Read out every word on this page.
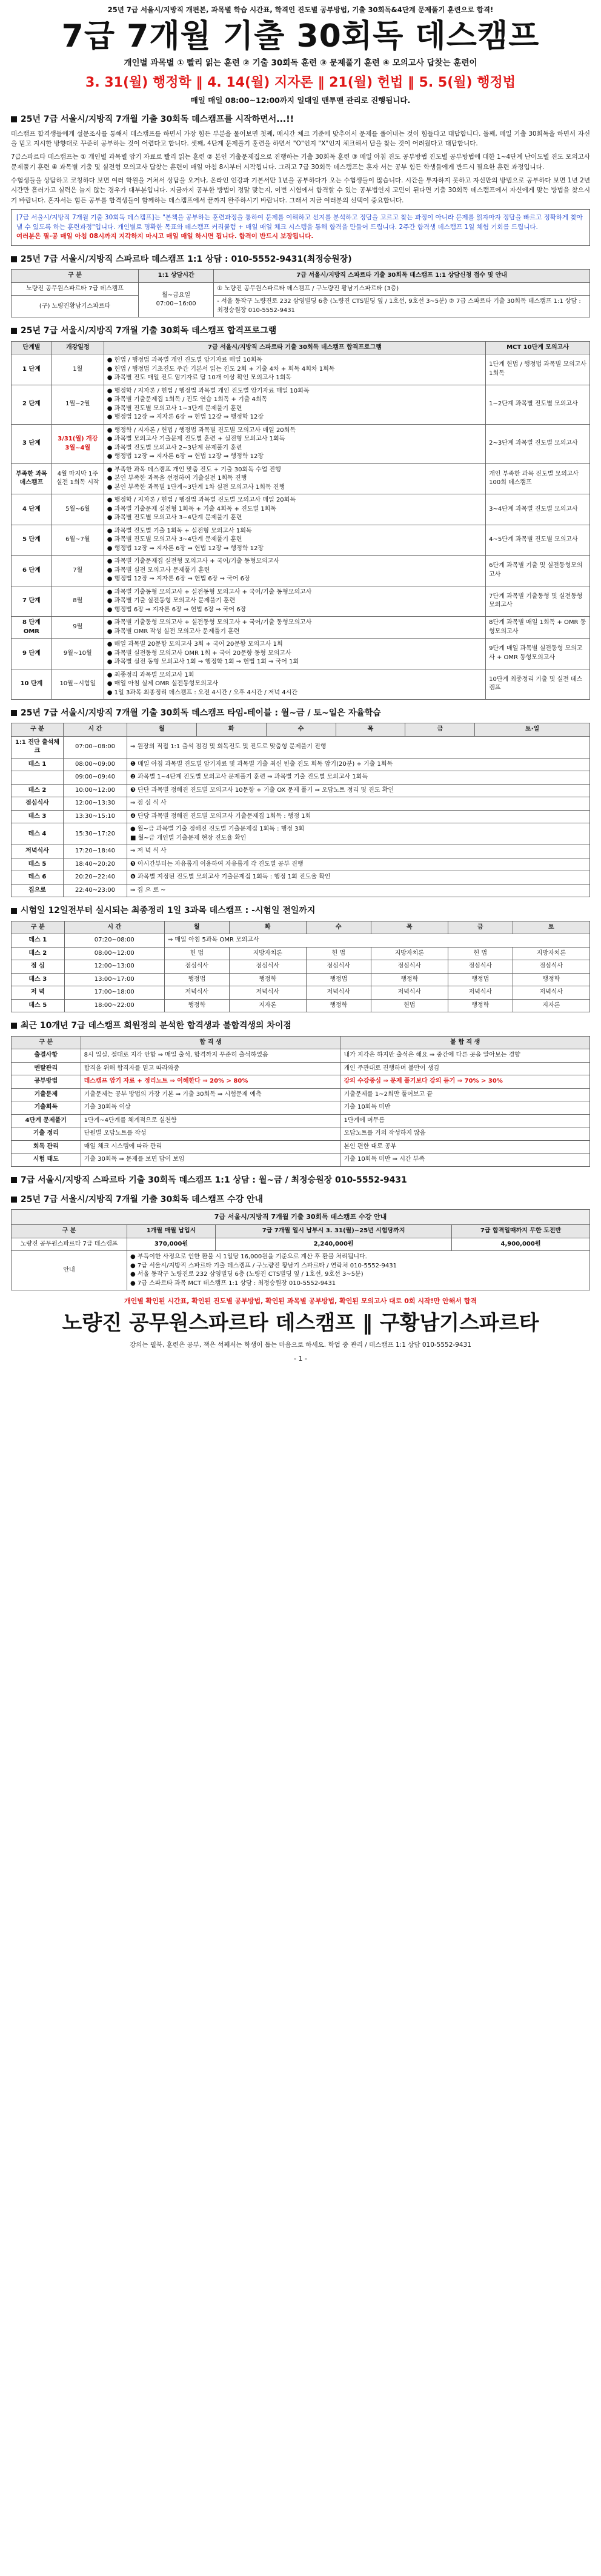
25년 7급 서울시/지방직 개편본, 과목별 학습 시간표, 학격인 진도별 공부방법, 기출 30회독&4단계 문제풀기 훈련으로 합격!
7급 7개월 기출 30회독 데스캠프
개인별 과목별 ① 빨리 읽는 훈련 ② 기출 30회독 훈련 ③ 문제풀기 훈련 ④ 모의고사 답찾는 훈련이
3. 31(월) 행정학 ‖ 4. 14(월) 지자론 ‖ 21(월) 헌법 ‖ 5. 5(월) 행정법
매일 매일 08:00~12:00까지 일대일 맨투맨 관리로 진행됩니다.
25년 7급 서울시/지방직 7개월 기출 30회독 데스캠프를 시작하면서...!!

데스캠프 합격생들에게 설문조사를 통해서 데스캠프를 하면서 가장 힘든 부분을 물어보면 첫째, 매시간 체크 기준에 맞추어서 문제를 풀어내는 것이 힘들다고 대답합니다. 둘째, 매일 기출 30회독을 하면서 자신을 믿고 지시한 방향대로 꾸준히 공부하는 것이 어렵다고 합니다. 셋째, 4단계 문제풀기 훈련을 하면서 "O"인지 "X"인지 체크해서 답을 찾는 것이 어려웠다고 대답합니다.

7급스파르타 데스캠프는 ① 개인별 과목별 암기 자료로 빨리 읽는 훈련 ② 본인 기출문제집으로 진행하는 기출 30회독 훈련 ③ 매일 아침 진도 공부방법 진도별 공부방법에 대한 1~4단계 난이도별 진도 모의고사 문제풀기 훈련 ④ 과목별 기출 및 실전형 모의고사 답찾는 훈련이 매일 아침 8시부터 시작됩니다. 그리고 7급 30회독 데스캠프는 혼자 서는 공부 힘든 학생들에게 반드시 필요한 훈련 과정입니다.

수험생들을 상담하고 코칭하다 보면 여러 학원을 거쳐서 상담을 오거나, 온라인 인강과 기본서만 1년을 공부하다가 오는 수험생들이 많습니다. 시간을 투자하지 못하고 자신만의 방법으로 공부하다 보면 1년 2년 시간만 흘러가고 실력은 늘지 않는 경우가 대부분입니다. 지금까지 공부한 방법이 정말 맞는지, 이번 시험에서 합격할 수 있는 공부법인지 고민이 된다면 기출 30회독 데스캠프에서 자신에게 맞는 방법을 찾으시기 바랍니다. 혼자서는 힘든 공부를 합격생들이 함께하는 데스캠프에서 끝까지 완주하시기 바랍니다. 그래서 지금 여러분의 선택이 중요합니다.

[7급 서울시/지방직 7개월 기출 30회독 데스캠프]는 "본책을 공부하는 훈련과정을 통하여 문제를 이해하고 선지를 분석하고 정답을 고르고 찾는 과정이 아니라 문제를 읽자마자 정답을 빠르고 정확하게 찾아낼 수 있도록 하는 훈련과정"입니다. 개인별로 명확한 목표와 데스캠프 커리큘럼 + 매일 매일 체크 시스템을 통해 합격을 만들어 드립니다. 2주간 합격생 데스캠프 1일 체험 기회를 드립니다.
여러분은 필-공 매일 아침 08시까지 지각하지 마시고 매일 매일 하시면 됩니다. 합격이 반드시 보장됩니다.
25년 7급 서울시/지방직 스파르타 데스캠프 1:1 상담 : 010-5552-9431(최정승원장)
구 분	1:1 상담시간	7급 서울시/지방직 스파르타 기출 30회독 데스캠프 1:1 상담신청 접수 및 안내
노량진 공무원스파르타 7급 데스캠프	월~금요일 07:00~16:00	① 노량진 공무원스파르타 데스캠프 / 구노량진 황남기스파르타 (3층)
(구) 노량진황남기스파르타		- 서울 동작구 노량진로 232 삼영빌딩 6층 (노량진 CTS빌딩 옆 / 1호선, 9호선 3~5분) ② 7급 스파르타 기출 30회독 데스캠프 1:1 상담 : 최정승원장 010-5552-9431
25년 7급 서울시/지방직 7개월 기출 30회독 데스캠프 합격프로그램
단계별	개강일정	7급 서울시/지방직 스파르타 기출 30회독 데스캠프 합격프로그램	MCT 10단계 모의고사
1 단계	1월	● 헌법 / 행정법 과목별 개인 진도별 암기자료 매일 10회독
● 헌법 / 행정법 기초진도 주간 기본서 읽는 진도 2회 + 기출 4차 + 회독 4회차 1회독
● 과목별 진도 매일 진도 암기자료 답 10개 이상 확인 모의고사 1회독	1단계 헌법 / 행정법 과목별 모의고사 1회독
2 단계	1월~2월	● 행정학 / 지자론 / 헌법 / 행정법 과목별 개인 진도별 암기자료 매일 10회독
● 과목별 기출문제집 1회독 / 진도 연습 1회독 + 기출 4회독
● 과목별 진도별 모의고사 1~3단계 문제풀기 훈련
● 행정법 12장 ⇒ 지자론 6장 ⇒ 헌법 12장 ⇒ 행정학 12장	1~2단계 과목별 진도별 모의고사
3 단계	3/31(월) 개강 3월~4월	● 행정학 / 지자론 / 헌법 / 행정법 과목별 진도별 모의고사 매일 20회독
● 과목별 모의고사 기출문제 진도별 훈련 + 실전형 모의고사 1회독
● 과목별 진도별 모의고사 2~3단계 문제풀기 훈련
● 행정법 12장 ⇒ 지자론 6장 ⇒ 헌법 12장 ⇒ 행정학 12장	2~3단계 과목별 진도별 모의고사
부족한 과목 데스캠프	4월 마지막 1주 실전 1회독 시작	● 부족한 과목 데스캠프 개인 맞춤 진도 + 기출 30회독 수업 진행
● 본인 부족한 과목을 선정하여 기출실전 1회독 진행
● 본인 부족한 과목별 1단계~3단계 1차 실전 모의고사 1회독 진행	개인 부족한 과목 진도별 모의고사 100회 데스캠프
4 단계	5월~6월	● 행정학 / 지자론 / 헌법 / 행정법 과목별 진도별 모의고사 매일 20회독
● 과목별 기출문제 실전형 1회독 + 기출 4회독 + 진도별 1회독
● 과목별 진도별 모의고사 3~4단계 문제풀기 훈련	3~4단계 과목별 진도별 모의고사
5 단계	6월~7월	● 과목별 진도별 기출 1회독 + 실전형 모의고사 1회독
● 과목별 진도별 모의고사 3~4단계 문제풀기 훈련
● 행정법 12장 ⇒ 지자론 6장 ⇒ 헌법 12장 ⇒ 행정학 12장	4~5단계 과목별 진도별 모의고사
6 단계	7월	● 과목별 기출문제집 실전형 모의고사 + 국어/기출 동형모의고사
● 과목별 실전 모의고사 문제풀기 훈련
● 행정법 12장 ⇒ 지자론 6장 ⇒ 헌법 6장 ⇒ 국어 6장	6단계 과목별 기출 및 실전동형모의고사
7 단계	8월	● 과목별 기출동형 모의고사 + 실전동형 모의고사 + 국어/기출 동형모의고사
● 과목별 기출 실전동형 모의고사 문제풀기 훈련
● 행정법 6장 ⇒ 지자론 6장 ⇒ 헌법 6장 ⇒ 국어 6장	7단계 과목별 기출동형 및 실전동형모의고사
8 단계 OMR	9월	● 과목별 기출동형 모의고사 + 실전동형 모의고사 + 국어/기출 동형모의고사
● 과목별 OMR 작성 실전 모의고사 문제풀기 훈련	8단계 과목별 매일 1회독 + OMR 동형모의고사
9 단계	9월~10월	● 매일 과목별 20문항 모의고사 3회 + 국어 20문항 모의고사 1회
● 과목별 실전동형 모의고사 OMR 1회 + 국어 20문항 동형 모의고사
● 과목별 실전 동형 모의고사 1회 ⇒ 행정학 1회 ⇒ 헌법 1회 ⇒ 국어 1회	9단계 매일 과목별 실전동형 모의고사 + OMR 동형모의고사
10 단계	10월~시험일	● 최종정리 과목별 모의고사 1회
● 매일 아침 실제 OMR 실전동형모의고사
● 1일 3과목 최종정리 데스캠프 : 오전 4시간 / 오후 4시간 / 저녁 4시간	10단계 최종정리 기출 및 실전 데스캠프
25년 7급 서울시/지방직 7개월 기출 30회독 데스캠프 타임-테이블 : 월~금 / 토~일은 자율학습
구 분	시 간	월	화	수	목	금	토·일
1:1 진단 출석체크	07:00~08:00	⇒ 원장의 직접 1:1 출석 점검 및 회독진도 및 진도로 맞춤형 문제풀기 진행					
데스 1	08:00~09:00	❶ 매일 아침 과목별 진도별 암기자료 및 과목별 기출 최신 빈출 진도 회독 암기(20분) + 기출 1회독					
	09:00~09:40	❷ 과목별 1~4단계 진도별 모의고사 문제풀기 훈련 ⇒ 과목별 기출 진도별 모의고사 1회독					
데스 2	10:00~12:00	❸ 단단 과목별 정해진 진도별 모의고사 10문항 + 기출 OX 문제 풀기 ⇒ 오답노트 정리 및 진도 확인					
점심식사	12:00~13:30	⇒ 점 심 식 사					
데스 3	13:30~15:10	❹ 단당 과목별 정해진 진도별 모의고사 기출문제집 1회독 : 행정 1회					
데스 4	15:30~17:20	● 월~금 과목별 기출 정해진 진도별 기출문제집 1회독 : 행정 3회
■ 월~금 개인별 기출문제 현장 진도율 확인					
저녁식사	17:20~18:40	⇒ 저 녁 식 사					
데스 5	18:40~20:20	❺ 아시간부터는 자유롭게 이용하여 자유롭게 각 진도별 공부 진행					
데스 6	20:20~22:40	❻ 과목별 지정된 진도별 모의고사 기출문제집 1회독 : 행정 1회 진도율 확인					
집으로	22:40~23:00	⇒ 집 으 로 ~					
시험일 12일전부터 실시되는 최종정리 1일 3과목 데스캠프 : -시험일 전일까지
구 분	시 간	월	화	수	목	금	토
데스 1	07:20~08:00	⇒ 매일 아침 5과목 OMR 모의고사					
데스 2	08:00~12:00	헌 법	지방자치론	헌 법	지방자치론	헌 법	지방자치론
점 심	12:00~13:00	점심식사	점심식사	점심식사	점심식사	점심식사	점심식사
데스 3	13:00~17:00	행정법	행정학	행정법	행정학	행정법	행정학
저 녁	17:00~18:00	저녁식사	저녁식사	저녁식사	저녁식사	저녁식사	저녁식사
데스 5	18:00~22:00	행정학	지자론	행정학	헌법	행정학	지자론
최근 10개년 7급 데스캠프 회원정의 분석한 합격생과 불합격생의 차이점
구 분	합 격 생	불 합 격 생
출결사항	8시 입실, 절대로 지각 안함 ⇒ 매일 출석, 합격까지 꾸준히 출석하였음	내가 지각은 하지만 출석은 해요 ⇒ 중간에 다른 곳을 알아보는 경향
멘탈관리	합격을 위해 합격자를 믿고 따라와줌	개인 주관대로 진행하며 불만이 생김
공부방법	데스캠프 암기 자료 + 정리노트 ⇒ 이해한다 ⇒ 20% > 80%	강의 수강중심 ⇒ 문제 풀기보다 강의 듣기 ⇒ 70% > 30%
기출문제	기출문제는 공부 방법의 가장 기본 ⇒ 기출 30회독 ⇒ 시험문제 예측	기출문제를 1~2회만 풀어보고 끝
기출회독	기출 30회독 이상	기출 10회독 미만
4단계 문제풀기	1단계~4단계를 체계적으로 실천함	1단계에 머무름
기출 정리	단원별 오답노트를 작성	오답노트를 거의 작성하지 않음
회독 관리	매일 체크 시스템에 따라 관리	본인 편한 대로 공부
시험 태도	기출 30회독 ⇒ 문제를 보면 답이 보임	기출 10회독 미만 ⇒ 시간 부족
7급 서울시/지방직 스파르타 기출 30회독 데스캠프 1:1 상담 : 월~금 / 최정승원장 010-5552-9431
25년 7급 서울시/지방직 7개월 기출 30회독 데스캠프 수강 안내
7급 서울시/지방직 7개월 기출 30회독 데스캠프 수강 안내
구 분	1개월 매월 납입시	7급 7개월 일시 납부시 3. 31(월)~25년 시험당까지	7급 합격일때까지 무한 도전반
노량진 공무원스파르타 7급 데스캠프	370,000원	2,240,000원	4,900,000원
안내	● 부득이한 사정으로 인한 환불 시 1일당 16,000원을 기준으로 계산 후 환불 처리됩니다.
● 7급 서울시/지방직 스파르타 기출 데스캠프 / 구노량진 황남기 스파르타 / 연락처 010-5552-9431
● 서울 동작구 노량진로 232 삼영빌딩 6층 (노량진 CTS빌딩 옆 / 1호선, 9호선 3~5분)
● 7급 스파르타 과목 MCT 데스캠프 1:1 상담 : 최정승원장 010-5552-9431		
개인별 확인된 시간표, 확인된 진도별 공부방법, 확인된 과목별 공부방법, 확인된 모의고사 대로 0회 시작!만 안해서 합격
노량진 공무원스파르타 데스캠프 ‖ 구황남기스파르타
강의는 필북, 훈련은 공부, 책은 석째서는 학생이 돕는 마음으로 하세요. 학업 중 관리 / 데스캠프 1:1 상담 010-5552-9431
- 1 -
